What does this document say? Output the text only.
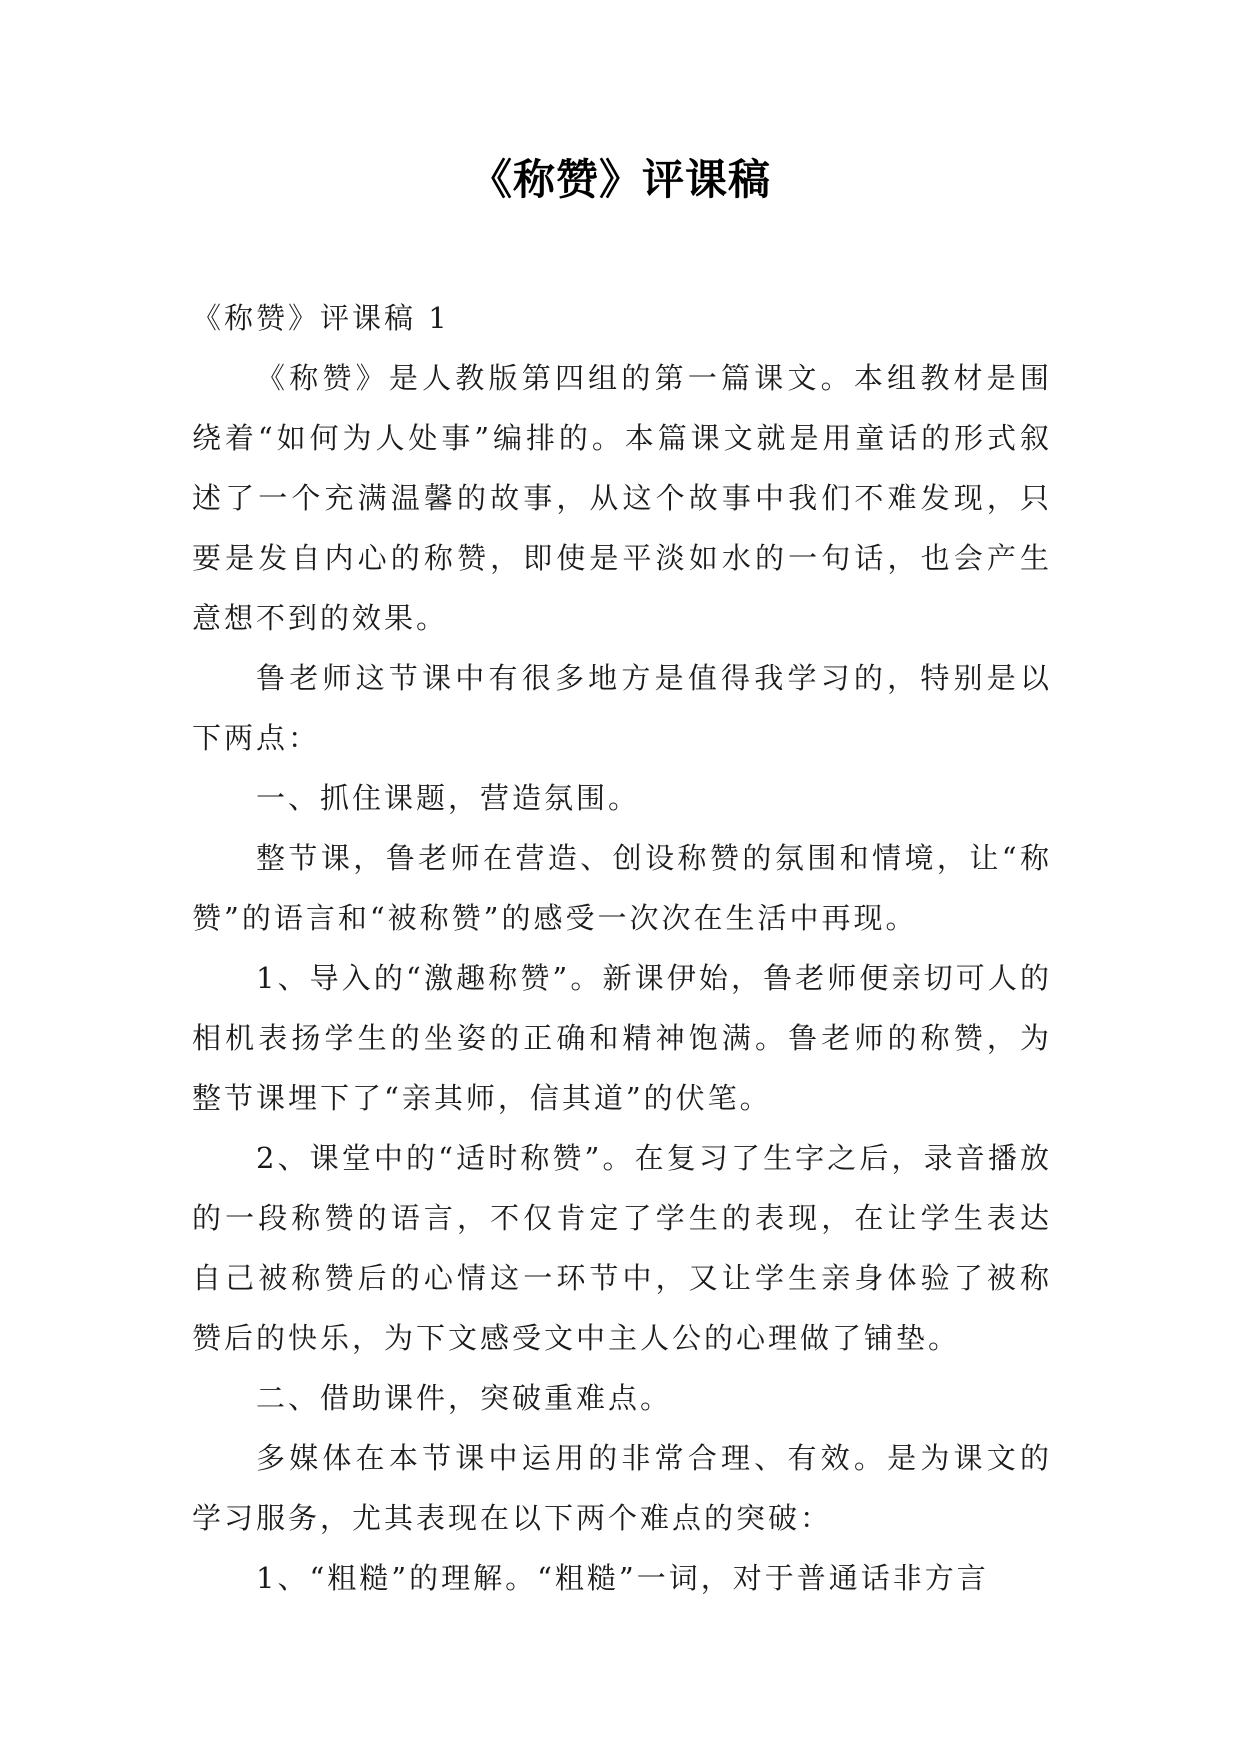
《称赞》评课稿

《称赞》评课稿 1

《称赞》是人教版第四组的第一篇课文。本组教材是围绕着“如何为人处事”编排的。本篇课文就是用童话的形式叙述了一个充满温馨的故事，从这个故事中我们不难发现，只要是发自内心的称赞，即使是平淡如水的一句话，也会产生意想不到的效果。

鲁老师这节课中有很多地方是值得我学习的，特别是以下两点：

一、抓住课题，营造氛围。

整节课，鲁老师在营造、创设称赞的氛围和情境，让“称赞”的语言和“被称赞”的感受一次次在生活中再现。

1、导入的“激趣称赞”。新课伊始，鲁老师便亲切可人的相机表扬学生的坐姿的正确和精神饱满。鲁老师的称赞，为整节课埋下了“亲其师，信其道”的伏笔。

2、课堂中的“适时称赞”。在复习了生字之后，录音播放的一段称赞的语言，不仅肯定了学生的表现，在让学生表达自己被称赞后的心情这一环节中，又让学生亲身体验了被称赞后的快乐，为下文感受文中主人公的心理做了铺垫。

二、借助课件，突破重难点。

多媒体在本节课中运用的非常合理、有效。是为课文的学习服务，尤其表现在以下两个难点的突破：

1、“粗糙”的理解。“粗糙”一词，对于普通话非方言
